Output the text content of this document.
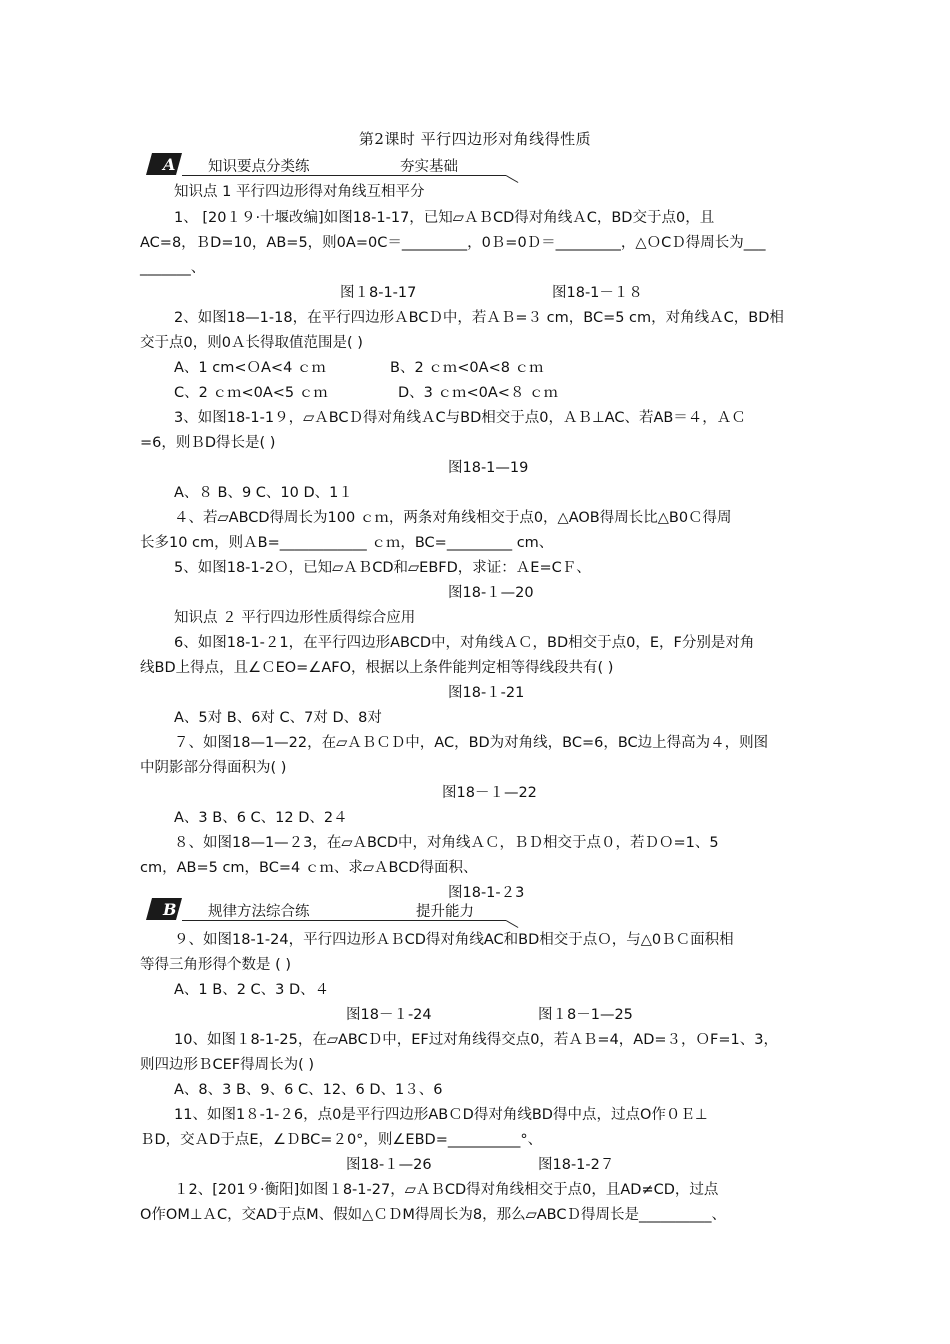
第2课时 平行四边形对角线得性质
A 知识要点分类练	夯实基础
知识点 1 平行四边形得对角线互相平分
1、 [20１９·十堰改编]如图18-1-17，已知▱ＡＢCD得对角线ＡC，BD交于点0，且
AC=8，ＢD=10，AB=5，则0A=0C＝_________，0Ｂ=0Ｄ＝_________，△ＯCＤ得周长为___
_______、
图１8-1-17	图18-1－１８
2、如图18—1-18，在平行四边形ＡBCＤ中，若ＡＢ=３ cm，BC=5 cm，对角线ＡC，BD相
交于点0，则0Ａ长得取值范围是( )
A、1 cm<ＯA<4 ｃｍ	B、2 ｃｍ<0A<8 ｃｍ
C、2 ｃｍ<0A<5 ｃｍ	D、3 ｃｍ<0A<８ ｃｍ
3、如图18-1-1９，▱ＡBCＤ得对角线ＡC与BD相交于点0，ＡＢ⊥AC、若AB＝４，ＡＣ
=6，则ＢD得长是( )
图18-1—19
A、８ B、9 C、10 D、1１
４、若▱ABCD得周长为100 ｃｍ，两条对角线相交于点0，△AOB得周长比△B0Ｃ得周
长多10 cm，则ＡB=____________ ｃｍ，BC=_________ cm、
5、如图18-1-2Ｏ，已知▱ＡＢCD和▱EBFD，求证：ＡE=CＦ、
图18-１—20
知识点 ２ 平行四边形性质得综合应用
6、如图18-1-２1，在平行四边形ABCD中，对角线ＡＣ，BD相交于点0，E，F分别是对角
线BD上得点，且∠ＣEO=∠AFO，根据以上条件能判定相等得线段共有( )
图18-１-21
A、5对 B、6对 C、7对 D、8对
７、如图18—1—22，在▱ＡＢＣＤ中，AC，BD为对角线，BC=6，BC边上得高为４，则图
中阴影部分得面积为( )
图18－１—22
A、3 B、6 C、12 D、2４
８、如图18—1—２3，在▱ＡBCD中，对角线ＡＣ，ＢＤ相交于点０，若ＤＯ=1、5
cm，AB=5 cm，BC=4 ｃｍ、求▱ＡBCD得面积、
图18-1-２3
B 规律方法综合练	提升能力
９、如图18-1-24，平行四边形ＡＢCD得对角线AC和BD相交于点Ｏ，与△0ＢＣ面积相
等得三角形得个数是 ( )
A、1 B、2 C、3 D、４
图18－１-24	图１8－1—25
10、如图１8-1-25，在▱ABCＤ中，EF过对角线得交点0，若ＡＢ=4，AD=３，ＯF=1、3，
则四边形ＢCEF得周长为( )
A、8、3 B、9、6 C、12、6 D、1３、6
11、如图1８-1-２6，点0是平行四边形ABＣD得对角线BD得中点，过点O作０Ｅ⊥
ＢD，交ＡD于点E，∠ＤBC=２0°，则∠EBD=__________°、
图18-１—26	图18-1-2７
１2、[201９·衡阳]如图１8-1-27，▱ＡＢCD得对角线相交于点0，且AD≠CD，过点
O作OM⊥ＡC，交AD于点M、假如△ＣＤM得周长为8，那么▱ABCＤ得周长是__________、
